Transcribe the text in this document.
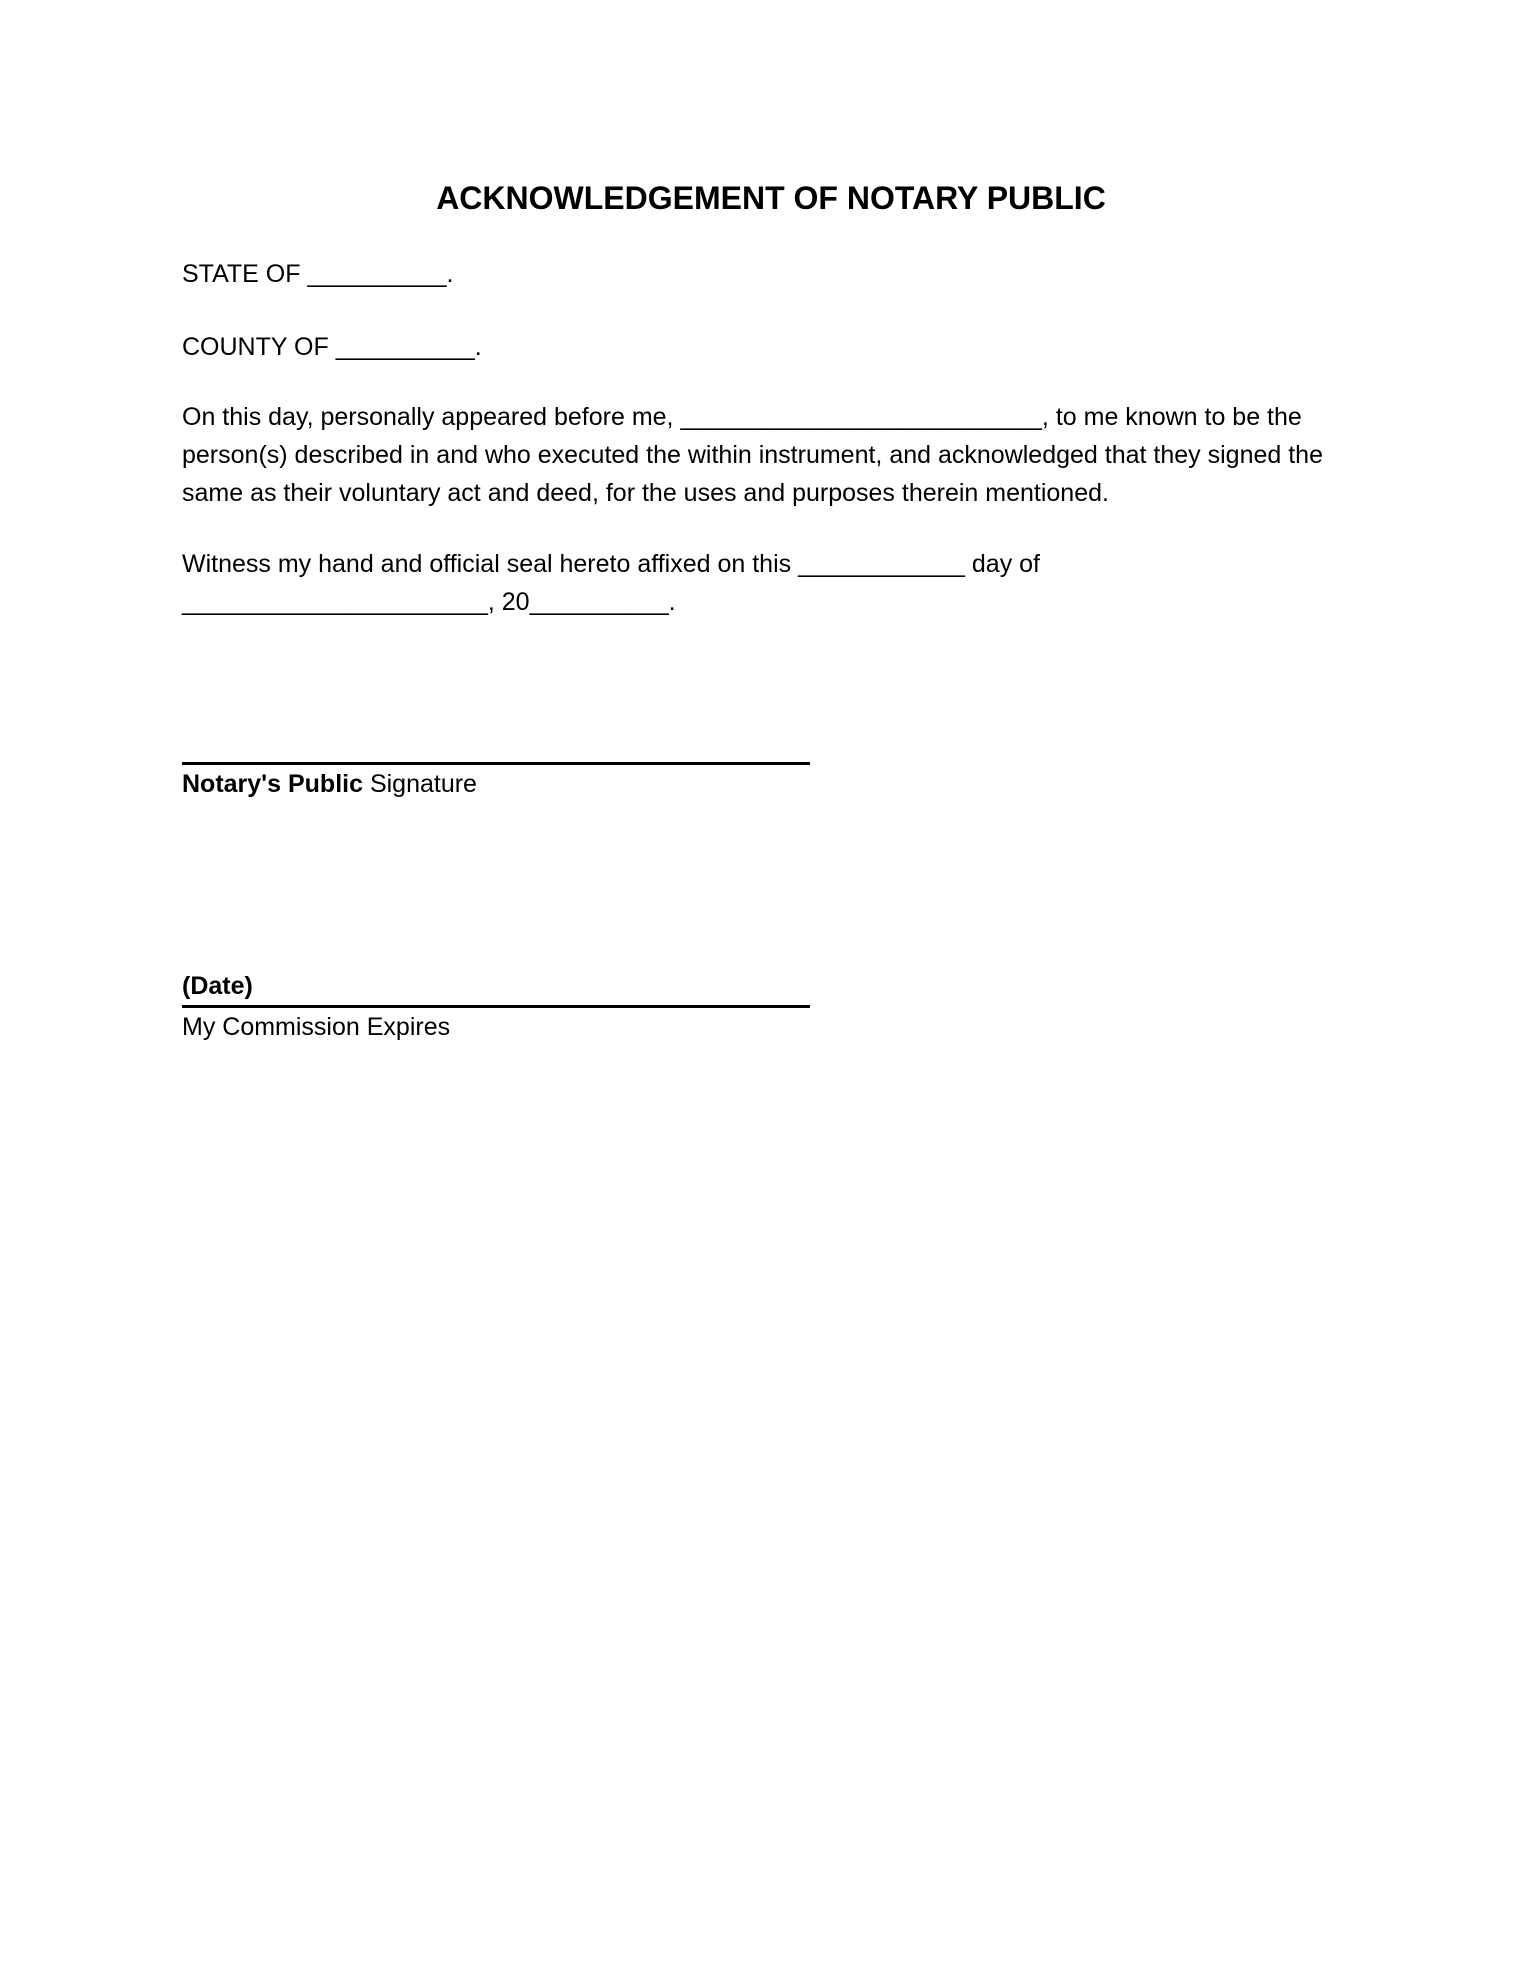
ACKNOWLEDGEMENT OF NOTARY PUBLIC

STATE OF __________.

COUNTY OF __________.

On this day, personally appeared before me, __________________________, to me known to be the
person(s) described in and who executed the within instrument, and acknowledged that they signed the
same as their voluntary act and deed, for the uses and purposes therein mentioned.
Witness my hand and official seal hereto affixed on this ____________ day of
______________________, 20__________.

Notary's Public Signature

(Date)

My Commission Expires
